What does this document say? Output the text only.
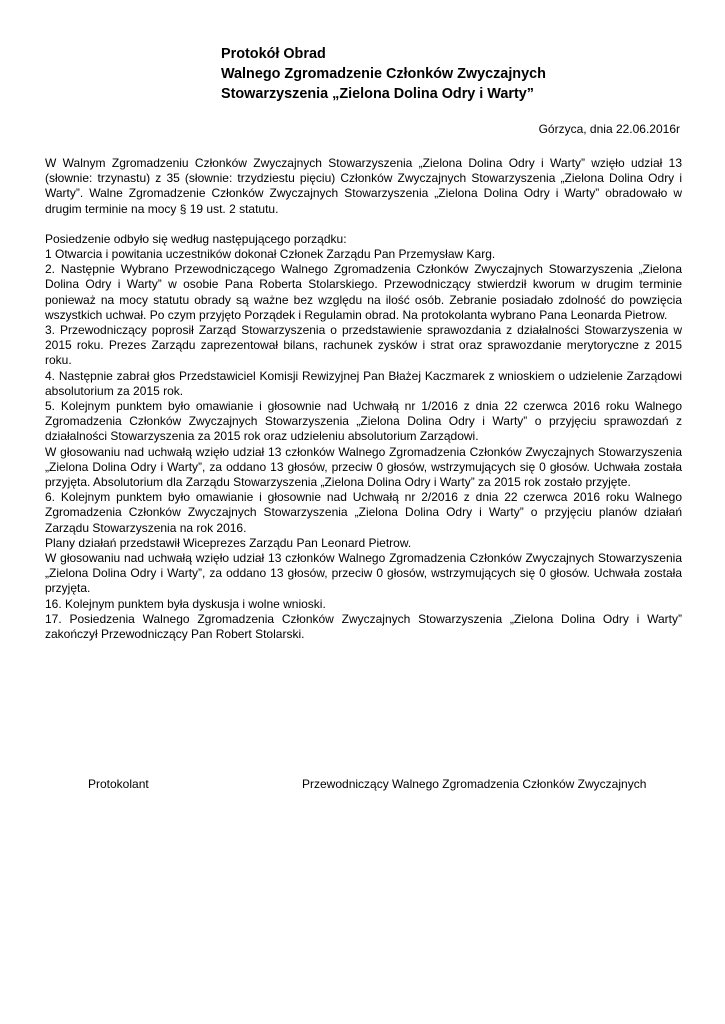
Protokół Obrad
Walnego Zgromadzenie Członków Zwyczajnych
Stowarzyszenia „Zielona Dolina Odry i Warty”
Górzyca, dnia 22.06.2016r

W Walnym Zgromadzeniu Członków Zwyczajnych Stowarzyszenia „Zielona Dolina Odry i Warty” wzięło udział 13 (słownie: trzynastu) z 35 (słownie: trzydziestu pięciu) Członków Zwyczajnych Stowarzyszenia „Zielona Dolina Odry i Warty”. Walne Zgromadzenie Członków Zwyczajnych Stowarzyszenia „Zielona Dolina Odry i Warty” obradowało w drugim terminie na mocy § 19 ust. 2 statutu.

Posiedzenie odbyło się według następującego porządku:

1 Otwarcia i powitania uczestników dokonał Członek Zarządu Pan Przemysław Karg.

2. Następnie Wybrano Przewodniczącego Walnego Zgromadzenia Członków Zwyczajnych Stowarzyszenia „Zielona Dolina Odry i Warty” w osobie Pana Roberta Stolarskiego. Przewodniczący stwierdził kworum w drugim terminie ponieważ na mocy statutu obrady są ważne bez względu na ilość osób. Zebranie posiadało zdolność do powzięcia wszystkich uchwał. Po czym przyjęto Porządek i Regulamin obrad. Na protokolanta wybrano Pana Leonarda Pietrow.

3. Przewodniczący poprosił Zarząd Stowarzyszenia o przedstawienie sprawozdania z działalności Stowarzyszenia w 2015 roku. Prezes Zarządu zaprezentował bilans, rachunek zysków i strat oraz sprawozdanie merytoryczne z 2015 roku.

4. Następnie zabrał głos Przedstawiciel Komisji Rewizyjnej Pan Błażej Kaczmarek z wnioskiem o udzielenie Zarządowi absolutorium za 2015 rok.

5. Kolejnym punktem było omawianie i głosownie nad Uchwałą nr 1/2016 z dnia 22 czerwca 2016 roku Walnego Zgromadzenia Członków Zwyczajnych Stowarzyszenia „Zielona Dolina Odry i Warty” o przyjęciu sprawozdań z działalności Stowarzyszenia za 2015 rok oraz udzieleniu absolutorium Zarządowi.

W głosowaniu nad uchwałą wzięło udział 13 członków Walnego Zgromadzenia Członków Zwyczajnych Stowarzyszenia „Zielona Dolina Odry i Warty”, za oddano 13 głosów, przeciw 0 głosów, wstrzymujących się 0 głosów. Uchwała została przyjęta. Absolutorium dla Zarządu Stowarzyszenia „Zielona Dolina Odry i Warty” za 2015 rok zostało przyjęte.

6. Kolejnym punktem było omawianie i głosownie nad Uchwałą nr 2/2016 z dnia 22 czerwca 2016 roku Walnego Zgromadzenia Członków Zwyczajnych Stowarzyszenia „Zielona Dolina Odry i Warty” o przyjęciu planów działań Zarządu Stowarzyszenia na rok 2016.

Plany działań przedstawił Wiceprezes Zarządu Pan Leonard Pietrow.

W głosowaniu nad uchwałą wzięło udział 13 członków Walnego Zgromadzenia Członków Zwyczajnych Stowarzyszenia „Zielona Dolina Odry i Warty”, za oddano 13 głosów, przeciw 0 głosów, wstrzymujących się 0 głosów. Uchwała została przyjęta.

16. Kolejnym punktem była dyskusja i wolne wnioski.

17. Posiedzenia Walnego Zgromadzenia Członków Zwyczajnych Stowarzyszenia „Zielona Dolina Odry i Warty” zakończył Przewodniczący Pan Robert Stolarski.

Protokolant	Przewodniczący Walnego Zgromadzenia Członków Zwyczajnych
